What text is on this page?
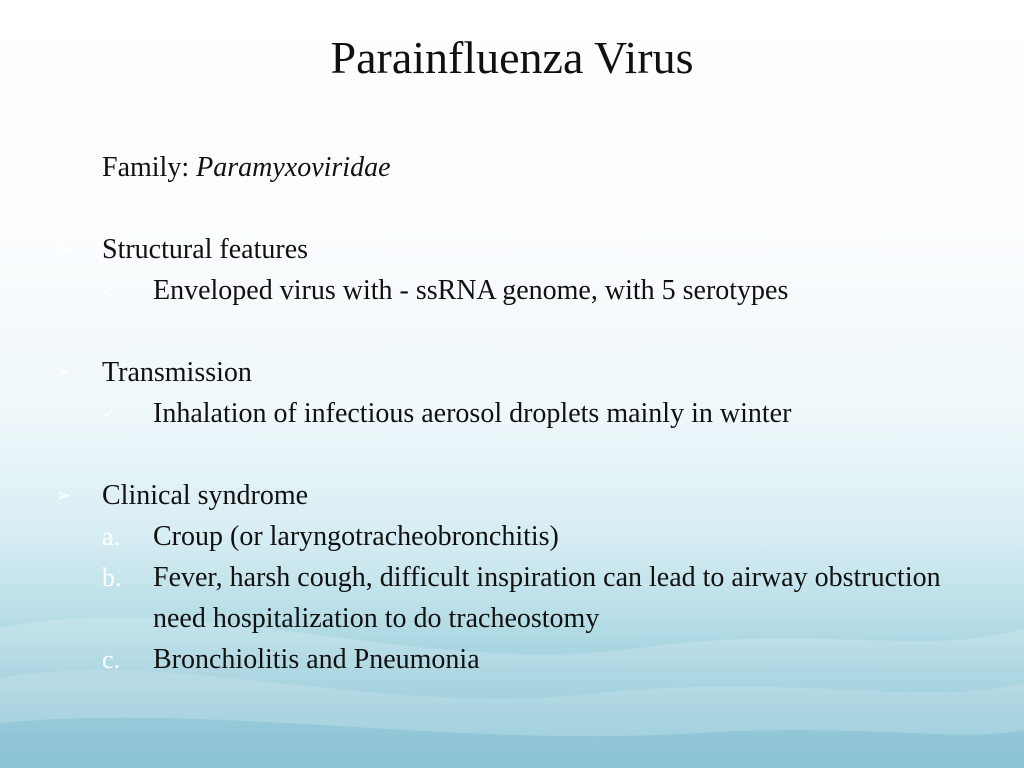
Parainfluenza Virus
➢	Family: Paramyxoviridae
➢	Structural features
✓	Enveloped virus with - ssRNA genome, with 5 serotypes
➢	Transmission
✓	Inhalation of infectious aerosol droplets mainly in winter
➢	Clinical syndrome
a. Croup (or laryngotracheobronchitis)
b. Fever, harsh cough, difficult inspiration can lead to airway obstruction need hospitalization to do tracheostomy
c. Bronchiolitis and Pneumonia
